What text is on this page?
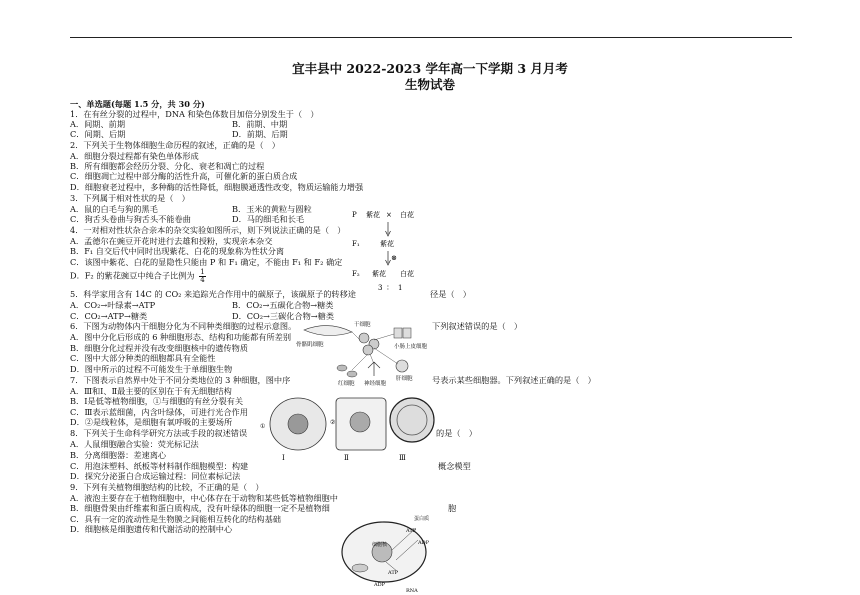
宜丰县中 2022-2023 学年高一下学期 3 月月考
生物试卷
一、单选题(每题 1.5 分，共 30 分)
1．在有丝分裂的过程中，DNA 和染色体数目加倍分别发生于（　）
A．间期、前期	B．前期、中期
C．间期、后期	D．前期、后期
2．下列关于生物体细胞生命历程的叙述，正确的是（　）
A．细胞分裂过程都有染色单体形成
B．所有细胞都会经历分裂、分化、衰老和凋亡的过程
C．细胞凋亡过程中部分酶的活性升高，可催化新的蛋白质合成
D．细胞衰老过程中，多种酶的活性降低，细胞膜通透性改变，物质运输能力增强
3．下列属于相对性状的是（　）
A．鼠的白毛与狗的黑毛	B．玉米的黄粒与圆粒
C．狗舌头卷曲与狗舌头不能卷曲	D．马的细毛和长毛
4．一对相对性状杂合亲本的杂交实验如图所示，则下列说法正确的是（　）
A．孟德尔在豌豆开花时进行去雄和授粉，实现亲本杂交
B．F₁ 自交后代中同时出现紫花、白花的现象称为性状分离
C．该图中紫花、白花的显隐性只能由 P 和 F₁ 确定，不能由 F₁ 和 F₂ 确定
D．F₂ 的紫花豌豆中纯合子比例为 $\frac{1}{4}$
P 紫花 × 白花
F₁	紫花
⊗
F₂ 紫花 白花
3 ∶ 1
5．科学家用含有 14C 的 CO₂ 来追踪光合作用中的碳原子，该碳原子的转移途	径是（　）
A．CO₂→叶绿素→ATP	B．CO₂→五碳化合物→糖类
C．CO₂→ATP→糖类	D．CO₂→三碳化合物→糖类
6．下图为动物体内干细胞分化为不同种类细胞的过程示意图。	下列叙述错误的是（　）
A．图中分化后形成的 6 种细胞形态、结构和功能都有所差别
B．细胞分化过程并没有改变细胞核中的遗传物质
C．图中大部分种类的细胞都具有全能性
D．图中所示的过程不可能发生于单细胞生物
骨骼肌细胞
干细胞
小肠上皮细胞
红细胞 神经细胞
肝细胞
7．下图表示自然界中处于不同分类地位的 3 种细胞，图中序	号表示某些细胞器。下列叙述正确的是（　）
A．Ⅲ和Ⅰ、Ⅱ最主要的区别在于有无细胞结构
B．Ⅰ是低等植物细胞，①与细胞的有丝分裂有关
C．Ⅲ表示蓝细菌，内含叶绿体，可进行光合作用
D．②是线粒体，是细胞有氧呼吸的主要场所	①
Ⅰ
②
Ⅱ	Ⅲ
8．下列关于生命科学研究方法或手段的叙述错误	的是（　）
A．人鼠细胞融合实验：荧光标记法
B．分离细胞器：差速离心
C．用泡沫塑料、纸板等材料制作细胞模型：构建	概念模型
D．探究分泌蛋白合成运输过程：同位素标记法
9．下列有关植物细胞结构的比较，不正确的是（　）
A．液泡主要存在于植物细胞中，中心体存在于动物和某些低等植物细胞中
B．细胞骨架由纤维素和蛋白质构成，没有叶绿体的细胞一定不是植物细	胞
C．具有一定的流动性是生物膜之间能相互转化的结构基础
D．细胞核是细胞遗传和代谢活动的控制中心
细胞核
蛋白质
ATP
ADP
ATP
ADP
RNA
